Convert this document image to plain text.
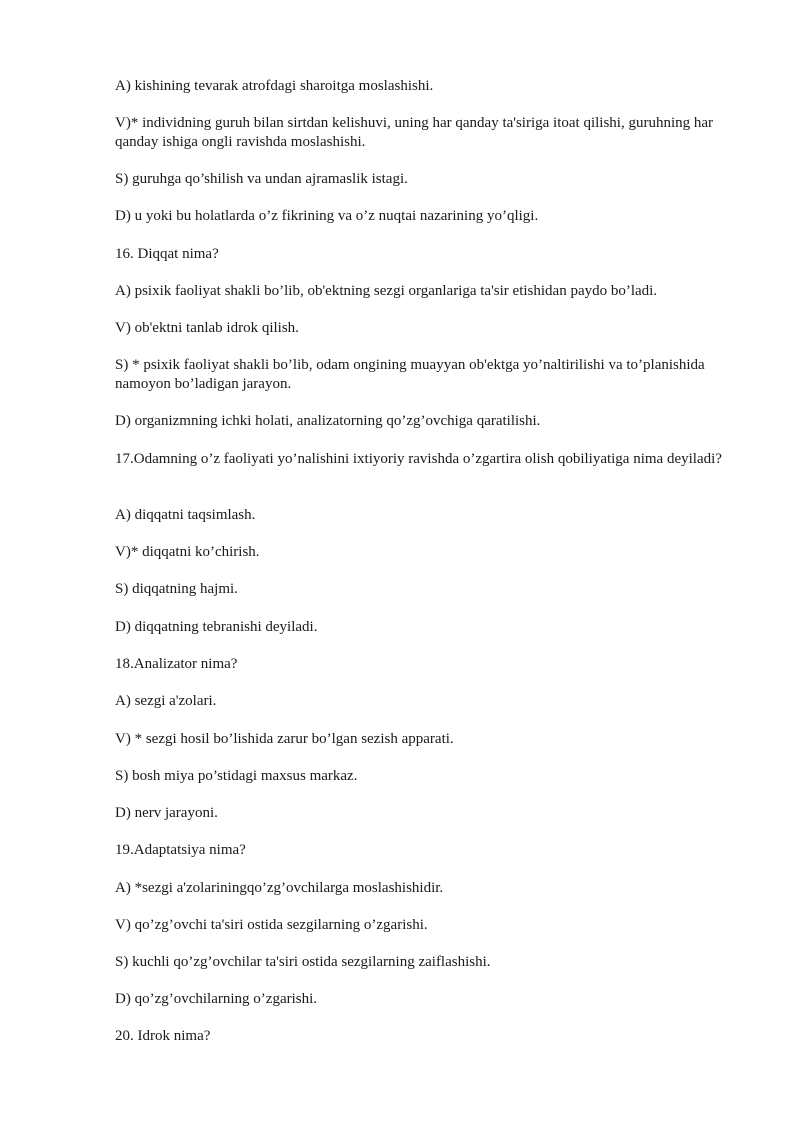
A) kishining tevarak atrofdagi sharoitga moslashishi.

V)* individning guruh bilan sirtdan kelishuvi, uning har qanday ta'siriga itoat qilishi, guruhning har qanday ishiga ongli ravishda moslashishi.

S) guruhga qo’shilish va undan ajramaslik istagi.

D) u yoki bu holatlarda o’z fikrining va o’z nuqtai nazarining yo’qligi.

16. Diqqat nima?

A) psixik faoliyat shakli bo’lib, ob'ektning sezgi organlariga ta'sir etishidan paydo bo’ladi.

V) ob'ektni tanlab idrok qilish.

S) * psixik faoliyat shakli bo’lib, odam ongining muayyan ob'ektga yo’naltirilishi va to’planishida namoyon bo’ladigan jarayon.

D) organizmning ichki holati, analizatorning qo’zg’ovchiga qaratilishi.

17.Odamning o’z faoliyati yo’nalishini ixtiyoriy ravishda o’zgartira olish qobiliyatiga nima deyiladi?

A) diqqatni taqsimlash.

V)* diqqatni ko’chirish.

S) diqqatning hajmi.

D) diqqatning tebranishi deyiladi.

18.Analizator nima?

A) sezgi a'zolari.

V) * sezgi hosil bo’lishida zarur bo’lgan sezish apparati.

S) bosh miya po’stidagi maxsus markaz.

D) nerv jarayoni.

19.Adaptatsiya nima?

A) *sezgi a'zolariningqo’zg’ovchilarga moslashishidir.

V) qo’zg’ovchi ta'siri ostida sezgilarning o’zgarishi.

S) kuchli qo’zg’ovchilar ta'siri ostida sezgilarning zaiflashishi.

D) qo’zg’ovchilarning o’zgarishi.

20. Idrok nima?
